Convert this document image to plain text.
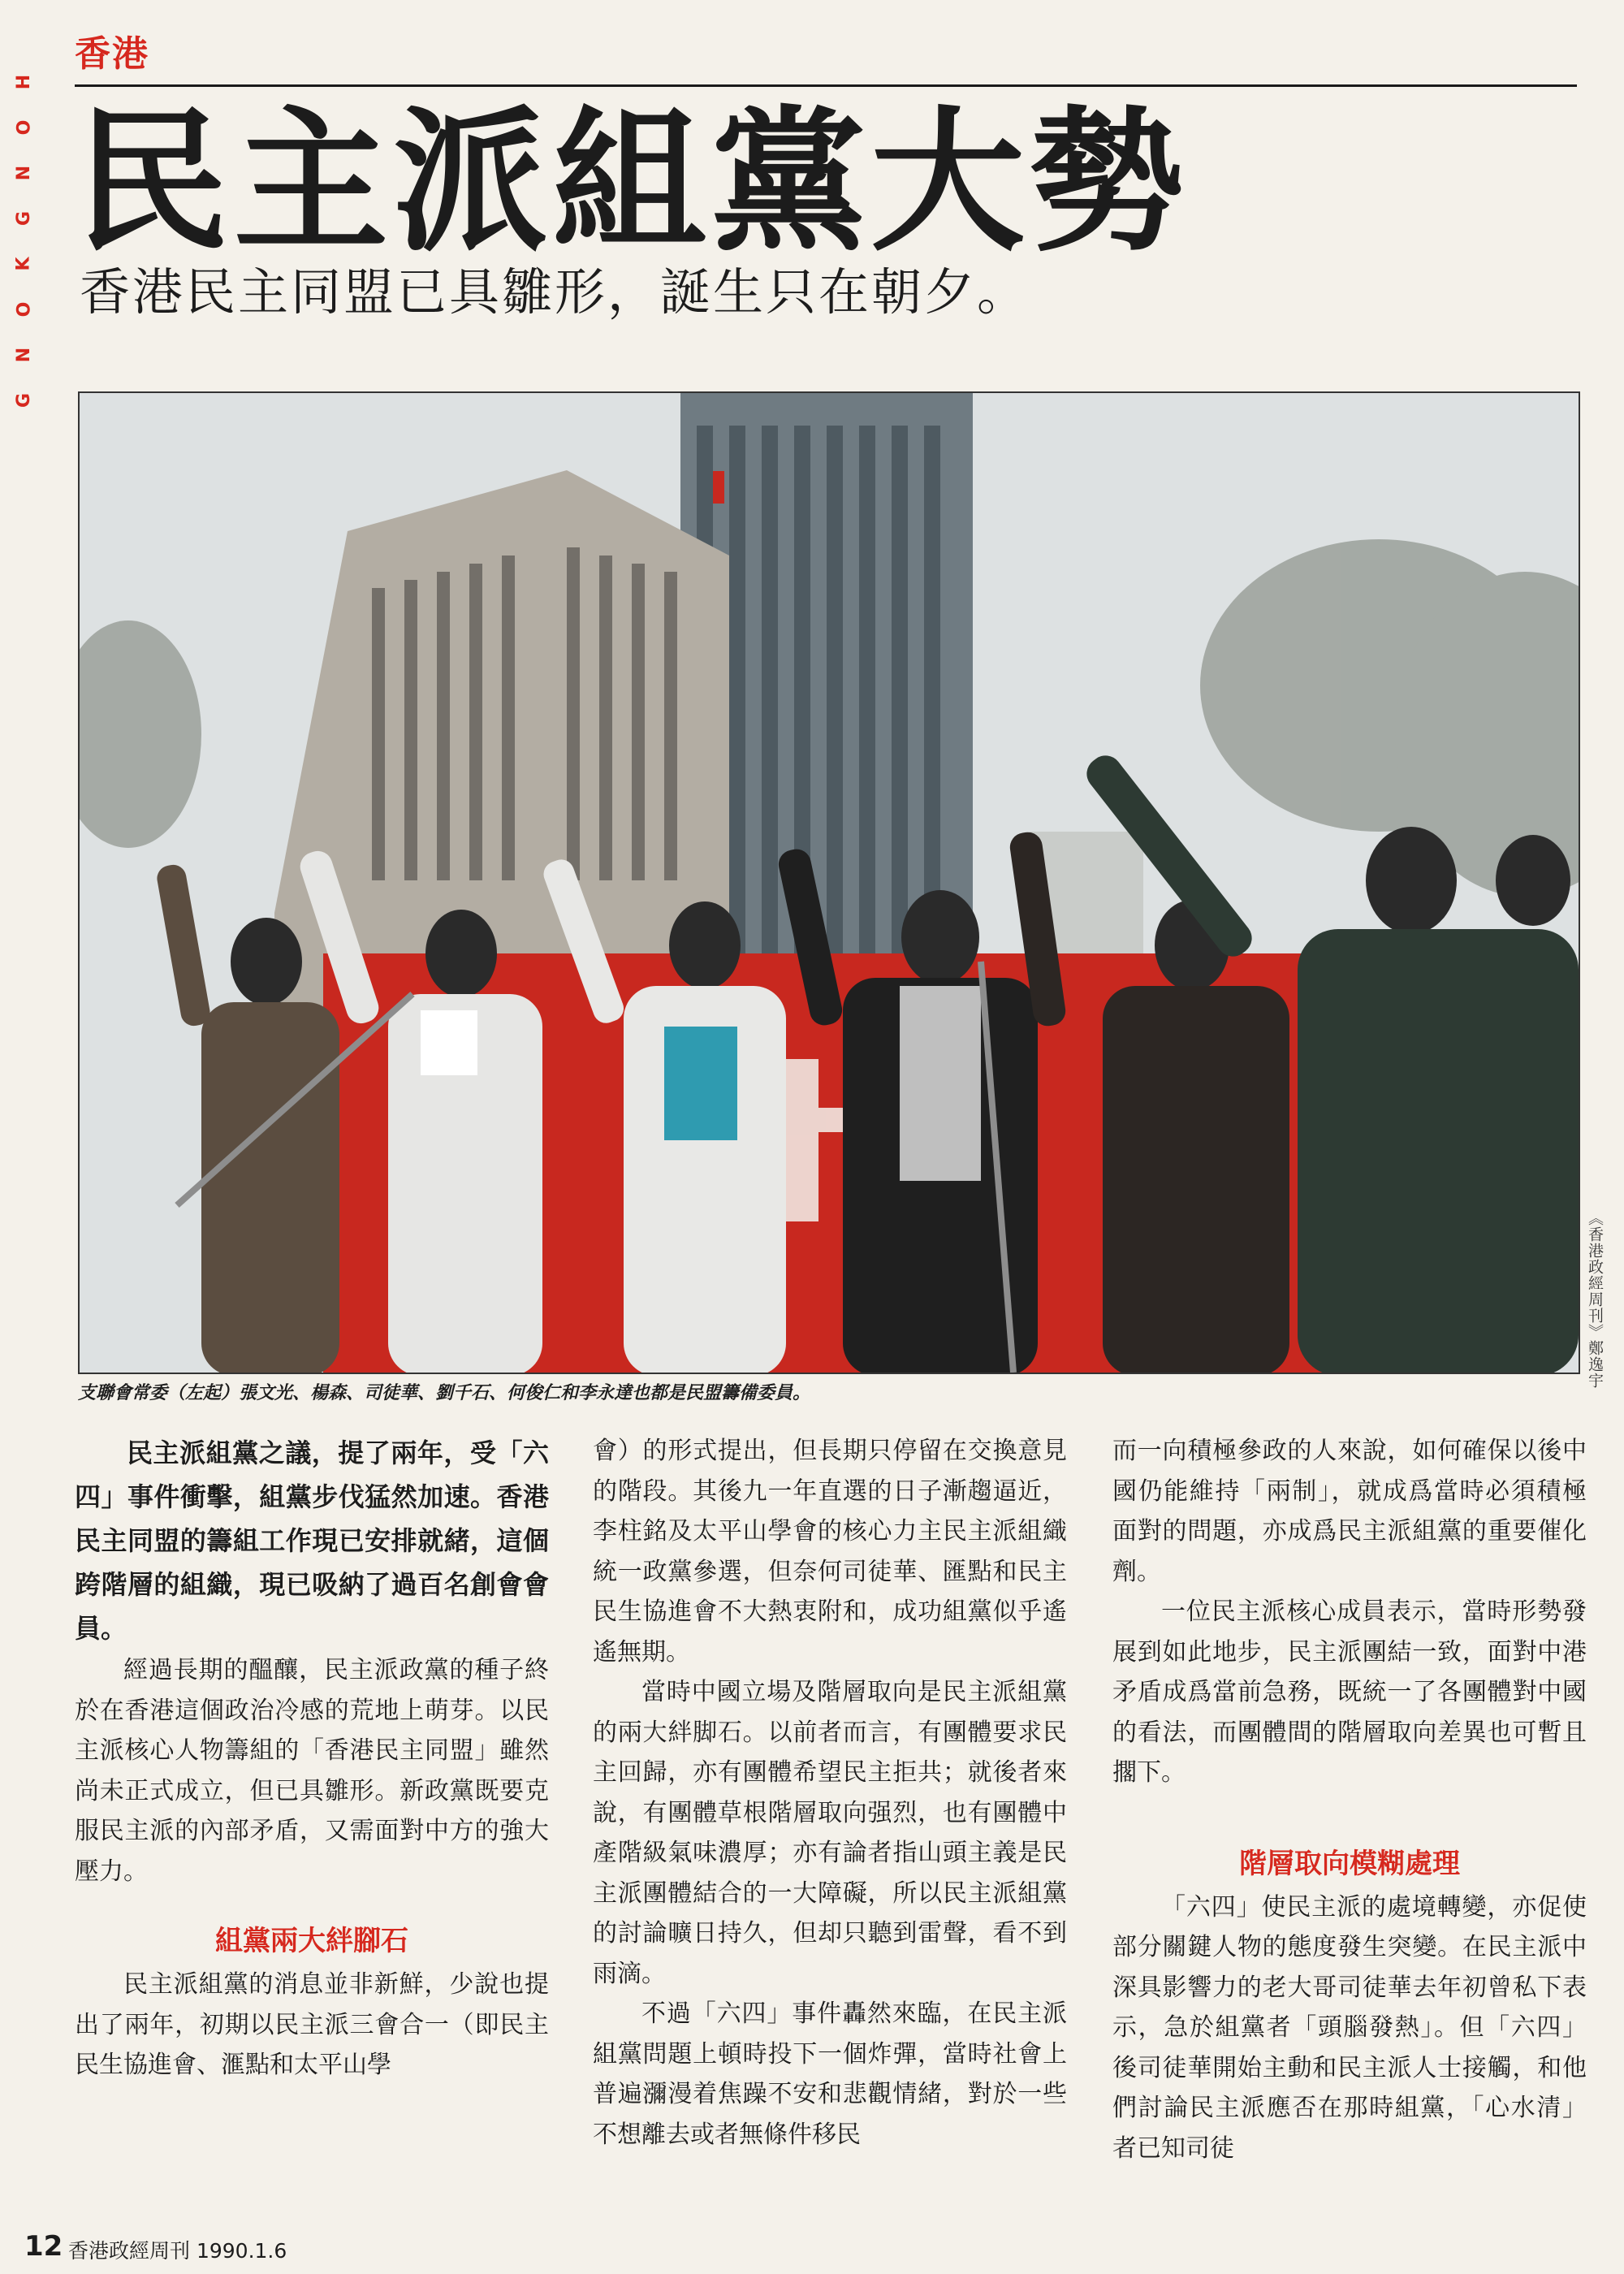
香港
H
O
N
G
K
O
N
G
民主派組黨大勢
香港民主同盟已具雛形，誕生只在朝夕。
《香港政經周刊》鄭逸宇
支聯會常委（左起）張文光、楊森、司徒華、劉千石、何俊仁和李永達也都是民盟籌備委員。

民主派組黨之議，提了兩年，受「六四」事件衝擊，組黨步伐猛然加速。香港民主同盟的籌組工作現已安排就緒，這個跨階層的組織，現已吸納了過百名創會會員。

經過長期的醞釀，民主派政黨的種子終於在香港這個政治冷感的荒地上萌芽。以民主派核心人物籌組的「香港民主同盟」雖然尚未正式成立，但已具雛形。新政黨既要克服民主派的內部矛盾，又需面對中方的強大壓力。

組黨兩大絆腳石

民主派組黨的消息並非新鮮，少說也提出了兩年，初期以民主派三會合一（即民主民生協進會、滙點和太平山學

會）的形式提出，但長期只停留在交換意見的階段。其後九一年直選的日子漸趨逼近，李柱銘及太平山學會的核心力主民主派組織統一政黨參選，但奈何司徒華、匯點和民主民生協進會不大熱衷附和，成功組黨似乎遙遙無期。

當時中國立場及階層取向是民主派組黨的兩大絆脚石。以前者而言，有團體要求民主回歸，亦有團體希望民主拒共；就後者來說，有團體草根階層取向强烈，也有團體中產階級氣味濃厚；亦有論者指山頭主義是民主派團體結合的一大障礙，所以民主派組黨的討論曠日持久，但却只聽到雷聲，看不到雨滴。

不過「六四」事件轟然來臨，在民主派組黨問題上頓時投下一個炸彈，當時社會上普遍瀰漫着焦躁不安和悲觀情緒，對於一些不想離去或者無條件移民

而一向積極參政的人來說，如何確保以後中國仍能維持「兩制」，就成爲當時必須積極面對的問題，亦成爲民主派組黨的重要催化劑。

一位民主派核心成員表示，當時形勢發展到如此地步，民主派團結一致，面對中港矛盾成爲當前急務，既統一了各團體對中國的看法，而團體間的階層取向差異也可暫且擱下。

階層取向模糊處理

「六四」使民主派的處境轉變，亦促使部分關鍵人物的態度發生突變。在民主派中深具影響力的老大哥司徒華去年初曾私下表示，急於組黨者「頭腦發熱」。但「六四」後司徒華開始主動和民主派人士接觸，和他們討論民主派應否在那時組黨，「心水清」者已知司徒

12 香港政經周刊 1990.1.6
